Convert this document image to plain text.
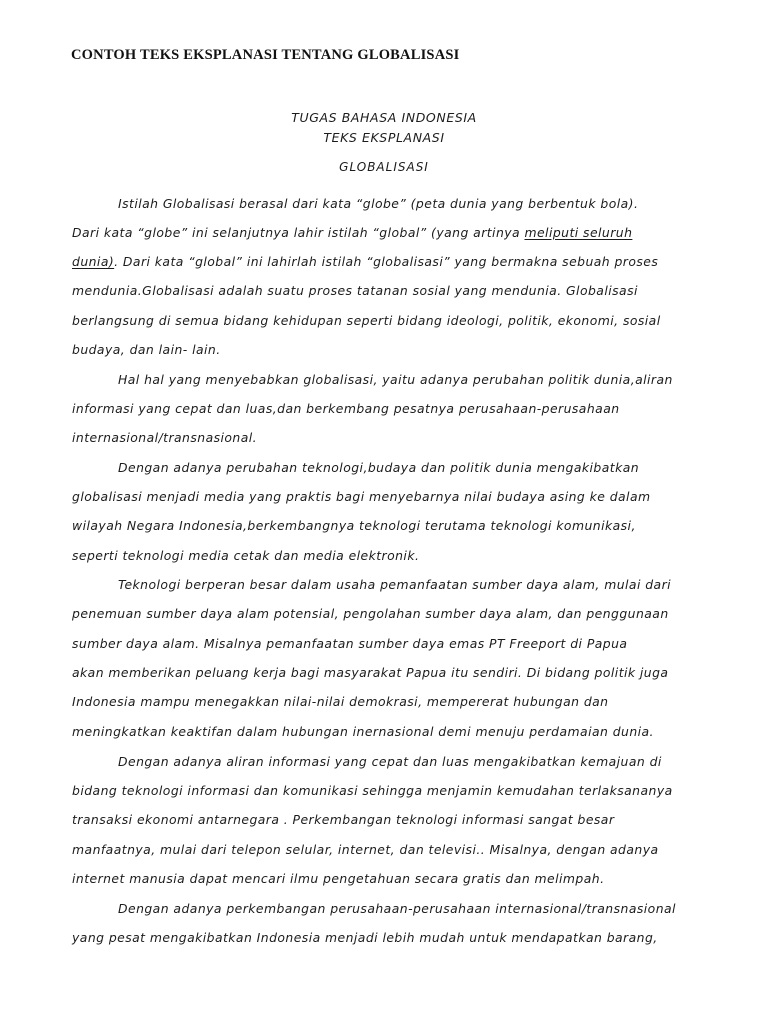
CONTOH TEKS EKSPLANASI TENTANG GLOBALISASI
TUGAS BAHASA INDONESIA
TEKS EKSPLANASI
GLOBALISASI
Istilah Globalisasi berasal dari kata “globe” (peta dunia yang berbentuk bola).
Dari kata “globe” ini selanjutnya lahir istilah “global” (yang artinya meliputi seluruh
dunia). Dari kata “global” ini lahirlah istilah “globalisasi” yang bermakna sebuah proses
mendunia.Globalisasi adalah suatu proses tatanan sosial yang mendunia. Globalisasi
berlangsung di semua bidang kehidupan seperti bidang ideologi, politik, ekonomi, sosial
budaya, dan lain- lain.
Hal hal yang menyebabkan globalisasi, yaitu adanya perubahan politik dunia,aliran
informasi yang cepat dan luas,dan berkembang pesatnya perusahaan-perusahaan
internasional/transnasional.
Dengan adanya perubahan teknologi,budaya dan politik dunia mengakibatkan
globalisasi menjadi media yang praktis bagi menyebarnya nilai budaya asing ke dalam
wilayah Negara Indonesia,berkembangnya teknologi terutama teknologi komunikasi,
seperti teknologi media cetak dan media elektronik.
Teknologi berperan besar dalam usaha pemanfaatan sumber daya alam, mulai dari
penemuan sumber daya alam potensial, pengolahan sumber daya alam, dan penggunaan
sumber daya alam. Misalnya pemanfaatan sumber daya emas PT Freeport di Papua
akan memberikan peluang kerja bagi masyarakat Papua itu sendiri. Di bidang politik juga
Indonesia mampu menegakkan nilai-nilai demokrasi, mempererat hubungan dan
meningkatkan keaktifan dalam hubungan inernasional demi menuju perdamaian dunia.
Dengan adanya aliran informasi yang cepat dan luas mengakibatkan kemajuan di
bidang teknologi informasi dan komunikasi sehingga menjamin kemudahan terlaksananya
transaksi ekonomi antarnegara . Perkembangan teknologi informasi sangat besar
manfaatnya, mulai dari telepon selular, internet, dan televisi.. Misalnya, dengan adanya
internet manusia dapat mencari ilmu pengetahuan secara gratis dan melimpah.
Dengan adanya perkembangan perusahaan-perusahaan internasional/transnasional
yang pesat mengakibatkan Indonesia menjadi lebih mudah untuk mendapatkan barang,
